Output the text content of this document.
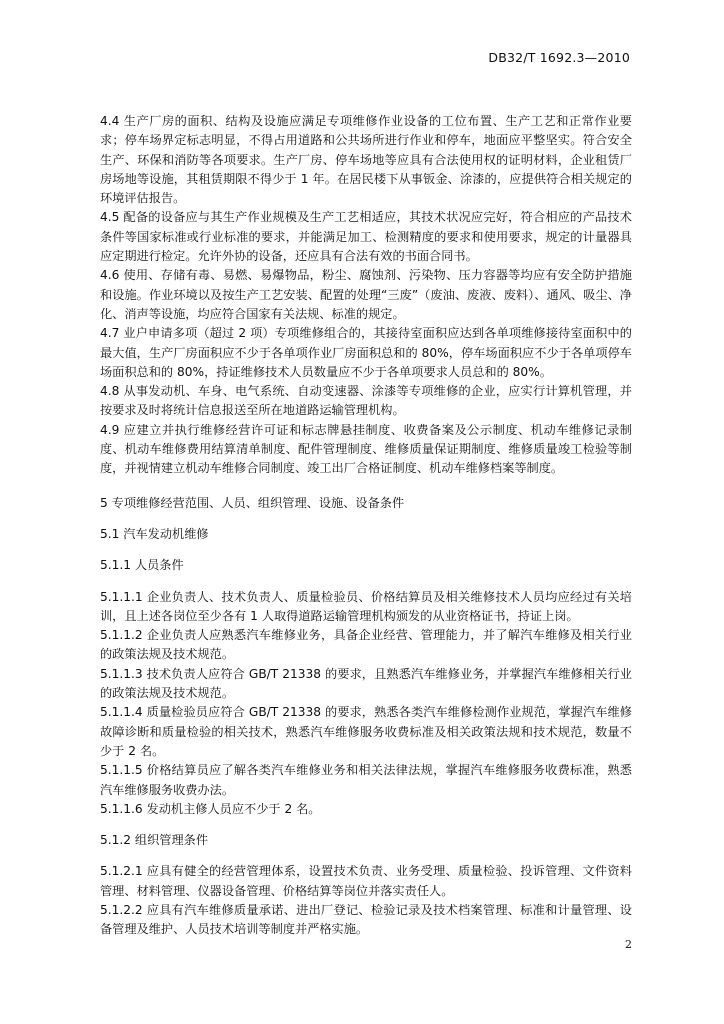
DB32/T 1692.3—2010

4.4 生产厂房的面积、结构及设施应满足专项维修作业设备的工位布置、生产工艺和正常作业要求；停车场界定标志明显，不得占用道路和公共场所进行作业和停车，地面应平整坚实。符合安全生产、环保和消防等各项要求。生产厂房、停车场地等应具有合法使用权的证明材料，企业租赁厂房场地等设施，其租赁期限不得少于 1 年。在居民楼下从事钣金、涂漆的，应提供符合相关规定的环境评估报告。

4.5 配备的设备应与其生产作业规模及生产工艺相适应，其技术状况应完好，符合相应的产品技术条件等国家标准或行业标准的要求，并能满足加工、检测精度的要求和使用要求，规定的计量器具应定期进行检定。允许外协的设备，还应具有合法有效的书面合同书。

4.6 使用、存储有毒、易燃、易爆物品，粉尘、腐蚀剂、污染物、压力容器等均应有安全防护措施和设施。作业环境以及按生产工艺安装、配置的处理“三废”（废油、废液、废料）、通风、吸尘、净化、消声等设施，均应符合国家有关法规、标准的规定。

4.7 业户申请多项（超过 2 项）专项维修组合的，其接待室面积应达到各单项维修接待室面积中的最大值，生产厂房面积应不少于各单项作业厂房面积总和的 80%，停车场面积应不少于各单项停车场面积总和的 80%，持证维修技术人员数量应不少于各单项要求人员总和的 80%。

4.8 从事发动机、车身、电气系统、自动变速器、涂漆等专项维修的企业，应实行计算机管理，并按要求及时将统计信息报送至所在地道路运输管理机构。

4.9 应建立并执行维修经营许可证和标志牌悬挂制度、收费备案及公示制度、机动车维修记录制度、机动车维修费用结算清单制度、配件管理制度、维修质量保证期制度、维修质量竣工检验等制度，并视情建立机动车维修合同制度、竣工出厂合格证制度、机动车维修档案等制度。

5 专项维修经营范围、人员、组织管理、设施、设备条件

5.1 汽车发动机维修

5.1.1 人员条件

5.1.1.1 企业负责人、技术负责人、质量检验员、价格结算员及相关维修技术人员均应经过有关培训，且上述各岗位至少各有 1 人取得道路运输管理机构颁发的从业资格证书，持证上岗。

5.1.1.2 企业负责人应熟悉汽车维修业务，具备企业经营、管理能力，并了解汽车维修及相关行业的政策法规及技术规范。

5.1.1.3 技术负责人应符合 GB/T 21338 的要求，且熟悉汽车维修业务，并掌握汽车维修相关行业的政策法规及技术规范。

5.1.1.4 质量检验员应符合 GB/T 21338 的要求，熟悉各类汽车维修检测作业规范，掌握汽车维修故障诊断和质量检验的相关技术，熟悉汽车维修服务收费标准及相关政策法规和技术规范，数量不少于 2 名。

5.1.1.5 价格结算员应了解各类汽车维修业务和相关法律法规，掌握汽车维修服务收费标准，熟悉汽车维修服务收费办法。

5.1.1.6 发动机主修人员应不少于 2 名。

5.1.2 组织管理条件

5.1.2.1 应具有健全的经营管理体系，设置技术负责、业务受理、质量检验、投诉管理、文件资料管理、材料管理、仪器设备管理、价格结算等岗位并落实责任人。

5.1.2.2 应具有汽车维修质量承诺、进出厂登记、检验记录及技术档案管理、标准和计量管理、设备管理及维护、人员技术培训等制度并严格实施。

2
